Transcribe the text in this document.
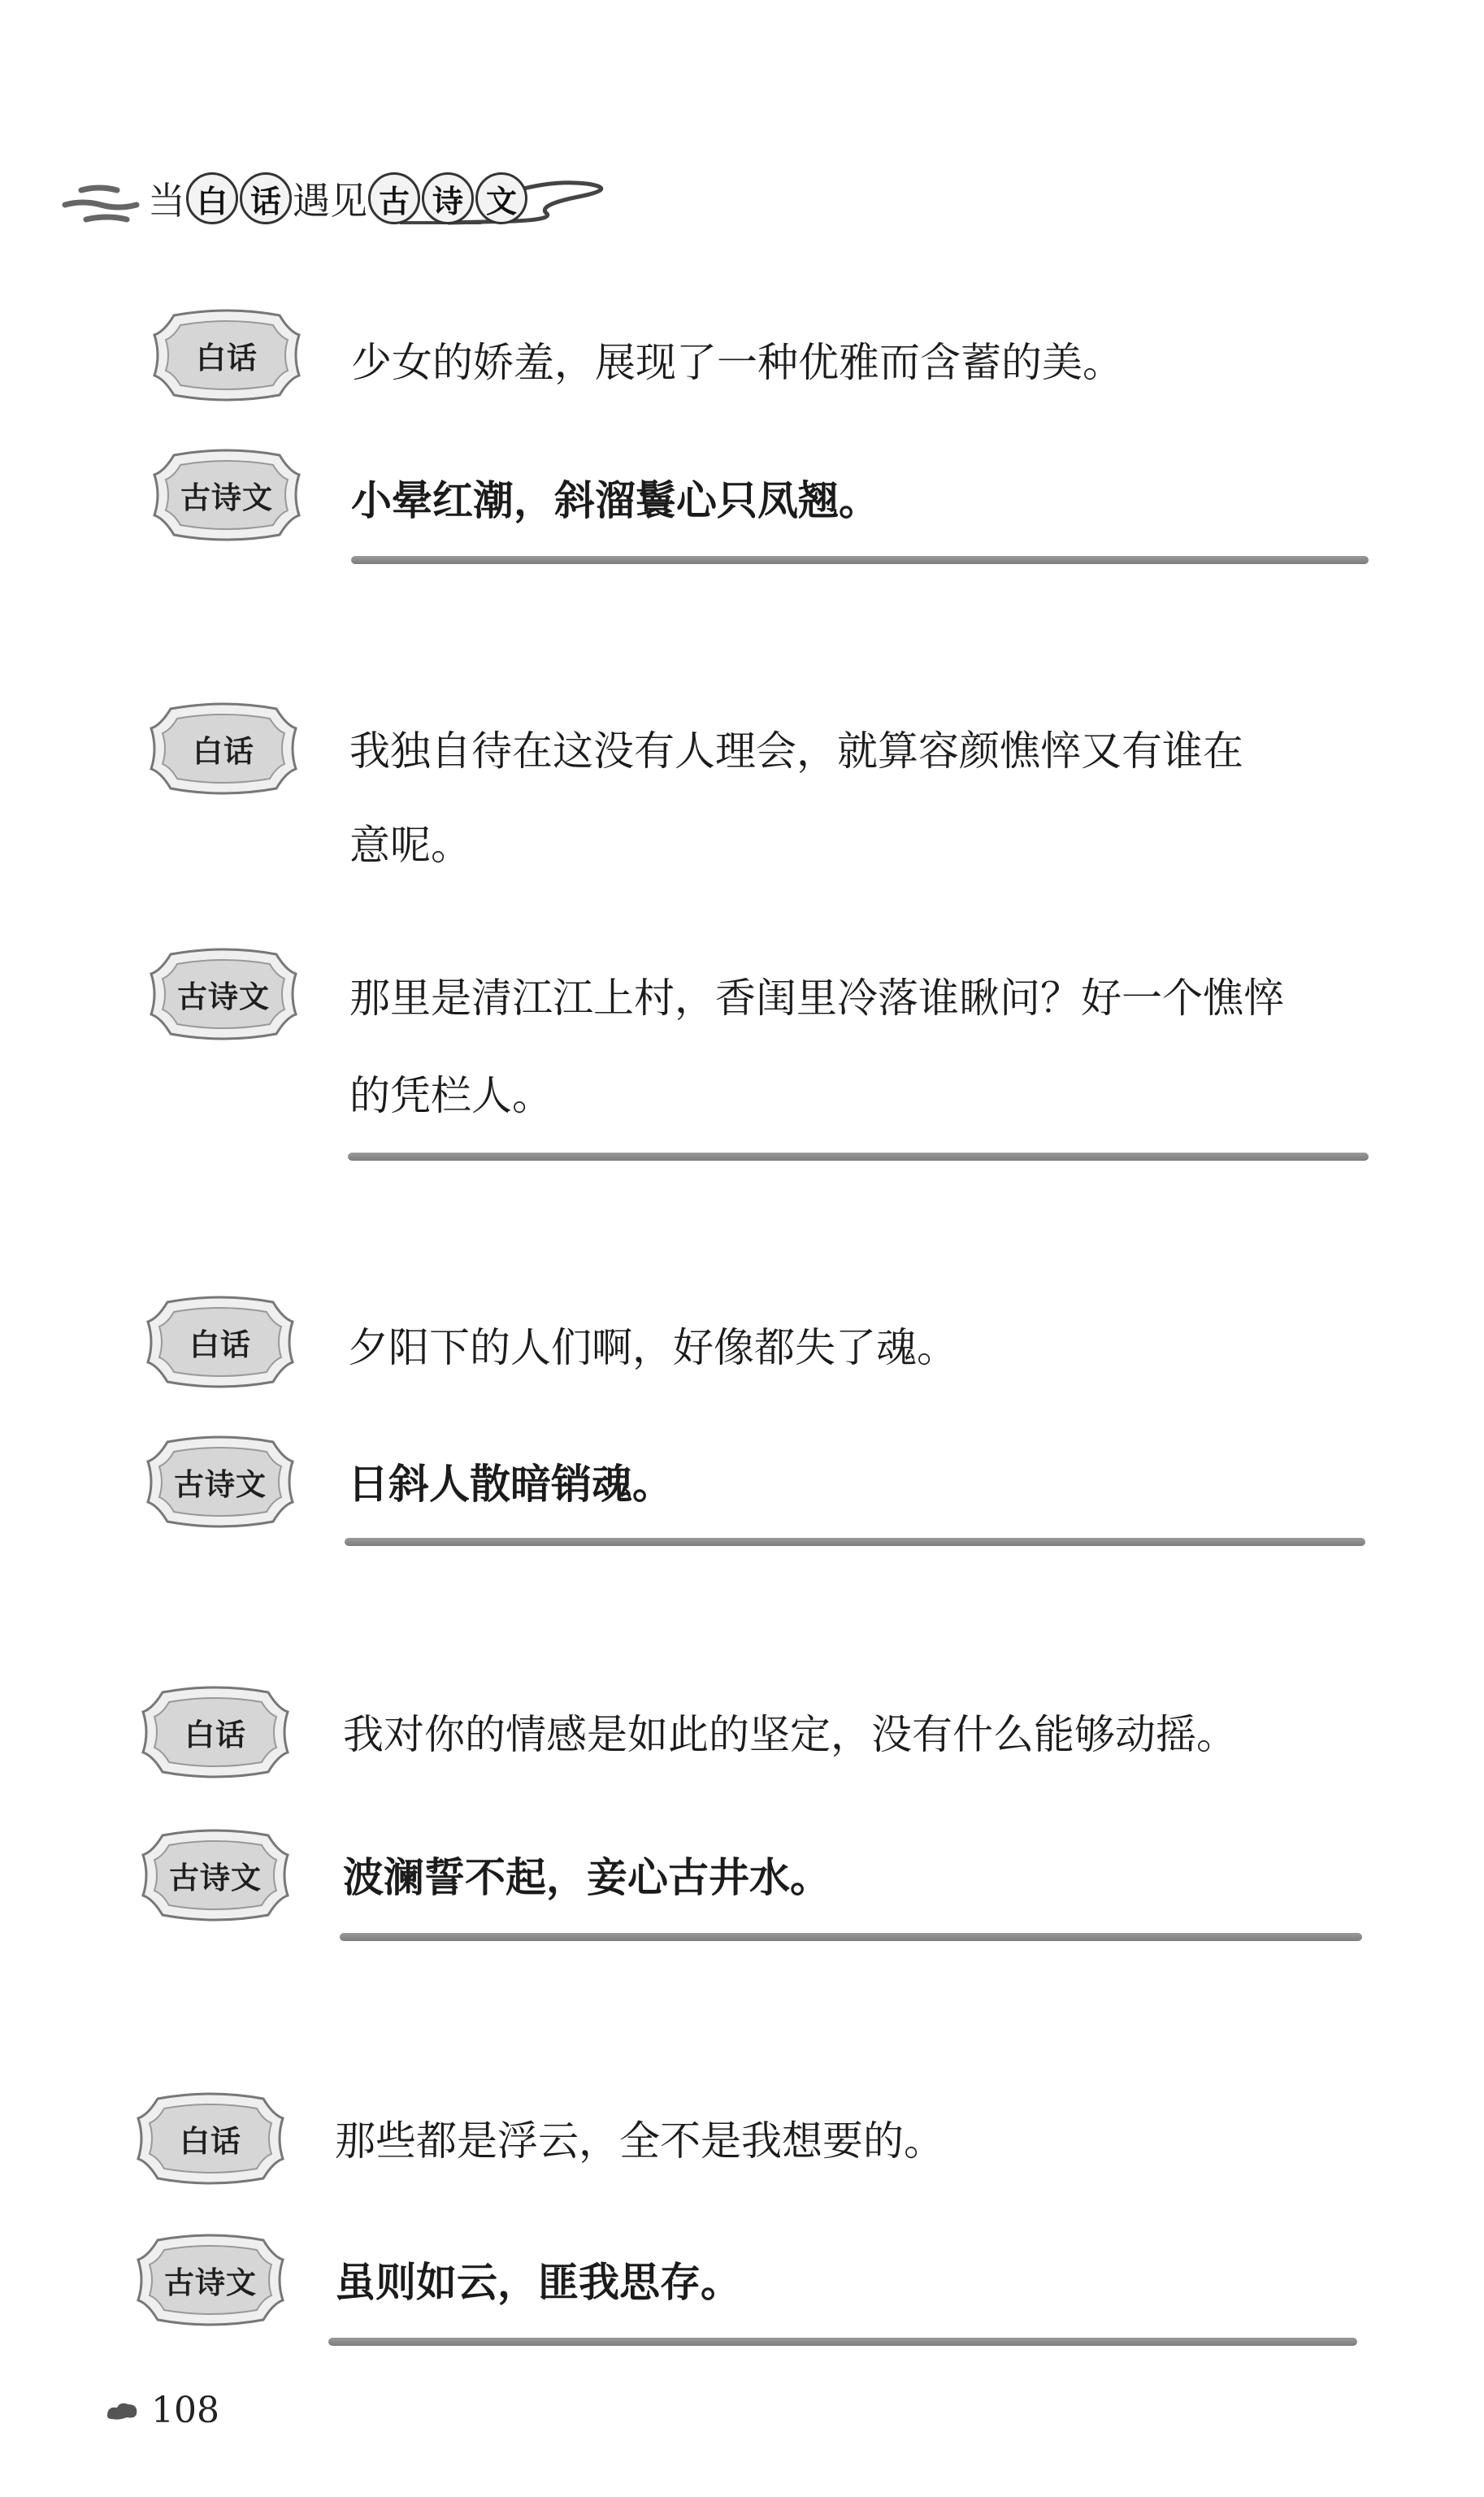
当 白 话 遇见 古 诗 文
白话	少女的娇羞，展现了一种优雅而含蓄的美。
古诗文	小晕红潮，斜溜鬟心只凤翘。
白话	我独自待在这没有人理会，就算容颜憔悴又有谁在
意呢。
古诗文	那里是清江江上村，香闺里冷落谁瞅问？好一个憔悴
的凭栏人。
白话	夕阳下的人们啊，好像都失了魂。
古诗文	日斜人散暗销魂。
白话	我对你的情感是如此的坚定，没有什么能够动摇。
古诗文	波澜誓不起，妾心古井水。
白话	那些都是浮云，全不是我想要的。
古诗文	虽则如云，匪我思存。
108
